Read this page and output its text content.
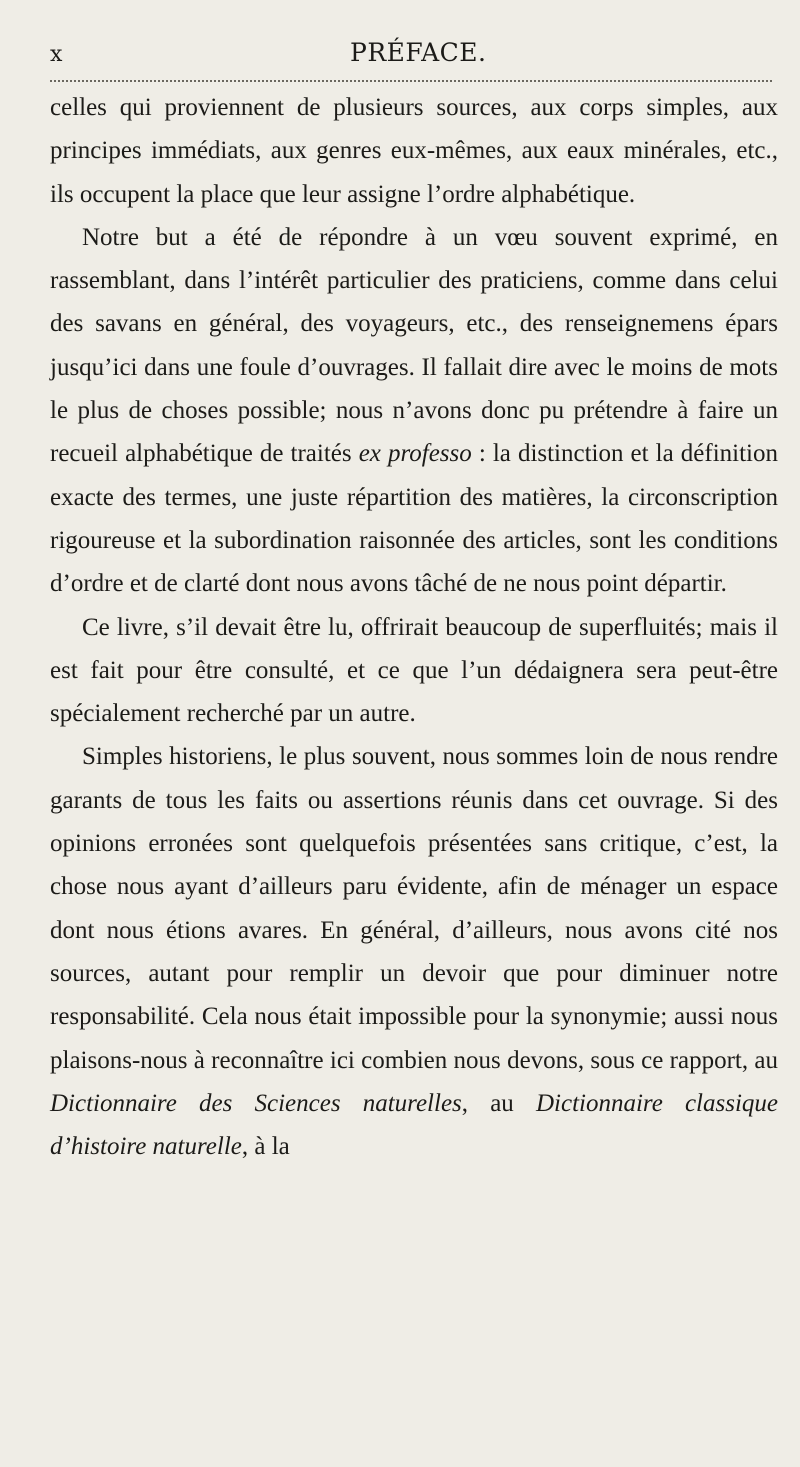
x	PRÉFACE.

celles qui proviennent de plusieurs sources, aux corps simples, aux principes immédiats, aux genres eux-mêmes, aux eaux minérales, etc., ils occupent la place que leur assigne l’ordre alphabétique.

Notre but a été de répondre à un vœu souvent exprimé, en rassemblant, dans l’intérêt particulier des praticiens, comme dans celui des savans en général, des voyageurs, etc., des renseignemens épars jusqu’ici dans une foule d’ouvrages. Il fallait dire avec le moins de mots le plus de choses possible; nous n’avons donc pu prétendre à faire un recueil alphabétique de traités ex professo : la distinction et la définition exacte des termes, une juste répartition des matières, la circonscription rigoureuse et la subordination raisonnée des articles, sont les conditions d’ordre et de clarté dont nous avons tâché de ne nous point départir.

Ce livre, s’il devait être lu, offrirait beaucoup de superfluités; mais il est fait pour être consulté, et ce que l’un dédaignera sera peut-être spécialement recherché par un autre.

Simples historiens, le plus souvent, nous sommes loin de nous rendre garants de tous les faits ou assertions réunis dans cet ouvrage. Si des opinions erronées sont quelquefois présentées sans critique, c’est, la chose nous ayant d’ailleurs paru évidente, afin de ménager un espace dont nous étions avares. En général, d’ailleurs, nous avons cité nos sources, autant pour remplir un devoir que pour diminuer notre responsabilité. Cela nous était impossible pour la synonymie; aussi nous plaisons-nous à reconnaître ici combien nous devons, sous ce rapport, au Dictionnaire des Sciences naturelles, au Dictionnaire classique d’histoire naturelle, à la
